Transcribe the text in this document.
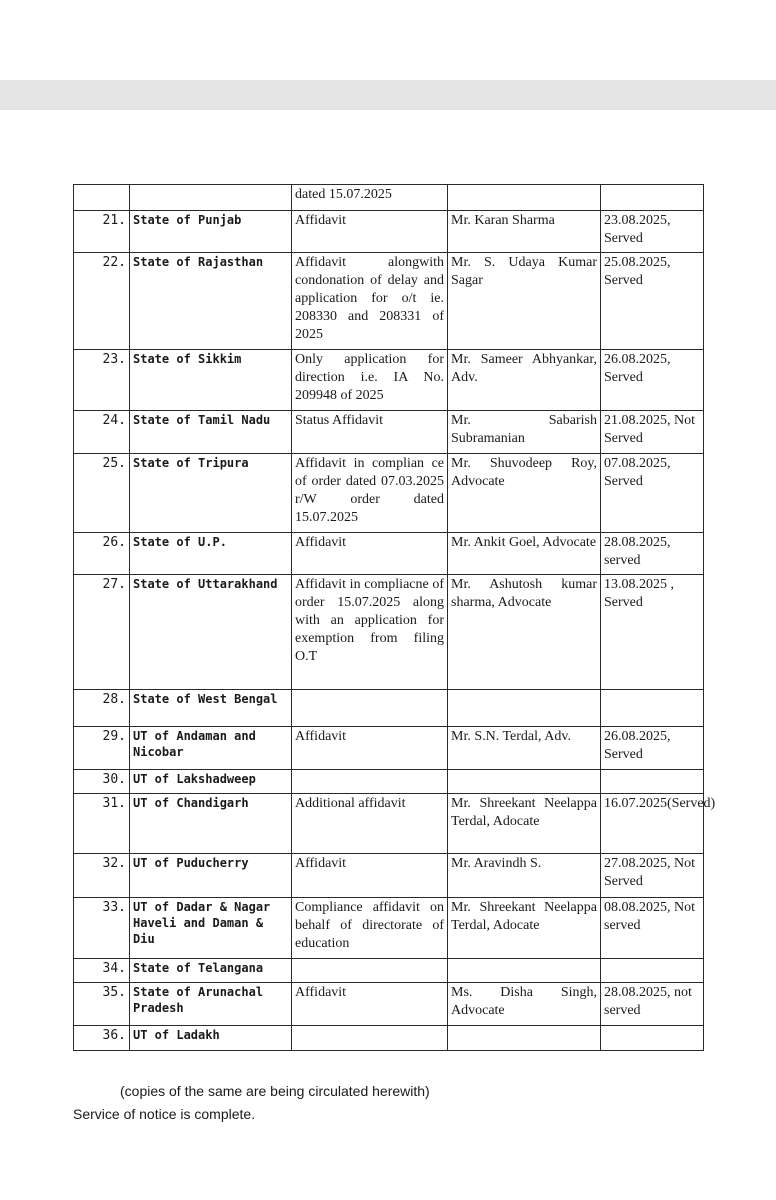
		dated 15.07.2025		
21.	State of Punjab	Affidavit	Mr. Karan Sharma	23.08.2025, Served
22.	State of Rajasthan	Affidavit alongwith condonation of delay and application for o/t ie. 208330 and 208331 of 2025	Mr. S. Udaya Kumar Sagar	25.08.2025, Served
23.	State of Sikkim	Only application for direction i.e. IA No. 209948 of 2025	Mr. Sameer Abhyankar, Adv.	26.08.2025, Served
24.	State of Tamil Nadu	Status Affidavit	Mr. Sabarish Subramanian	21.08.2025, Not Served
25.	State of Tripura	Affidavit in complian ce of order dated 07.03.2025 r/W order dated 15.07.2025	Mr. Shuvodeep Roy, Advocate	07.08.2025, Served
26.	State of U.P.	Affidavit	Mr. Ankit Goel, Advocate	28.08.2025, served
27.	State of Uttarakhand	Affidavit in compliacne of order 15.07.2025 along with an application for exemption from filing O.T	Mr. Ashutosh kumar sharma, Advocate	13.08.2025 , Served
28.	State of West Bengal			
29.	UT of Andaman and Nicobar	Affidavit	Mr. S.N. Terdal, Adv.	26.08.2025, Served
30.	UT of Lakshadweep			
31.	UT of Chandigarh	Additional affidavit	Mr. Shreekant Neelappa Terdal, Adocate	16.07.2025(Served)
32.	UT of Puducherry	Affidavit	Mr. Aravindh S.	27.08.2025, Not Served
33.	UT of Dadar & Nagar Haveli and Daman & Diu	Compliance affidavit on behalf of directorate of education	Mr. Shreekant Neelappa Terdal, Adocate	08.08.2025, Not served
34.	State of Telangana			
35.	State of Arunachal Pradesh	Affidavit	Ms. Disha Singh, Advocate	28.08.2025, not served
36.	UT of Ladakh			
(copies of the same are being circulated herewith)
Service of notice is complete.
